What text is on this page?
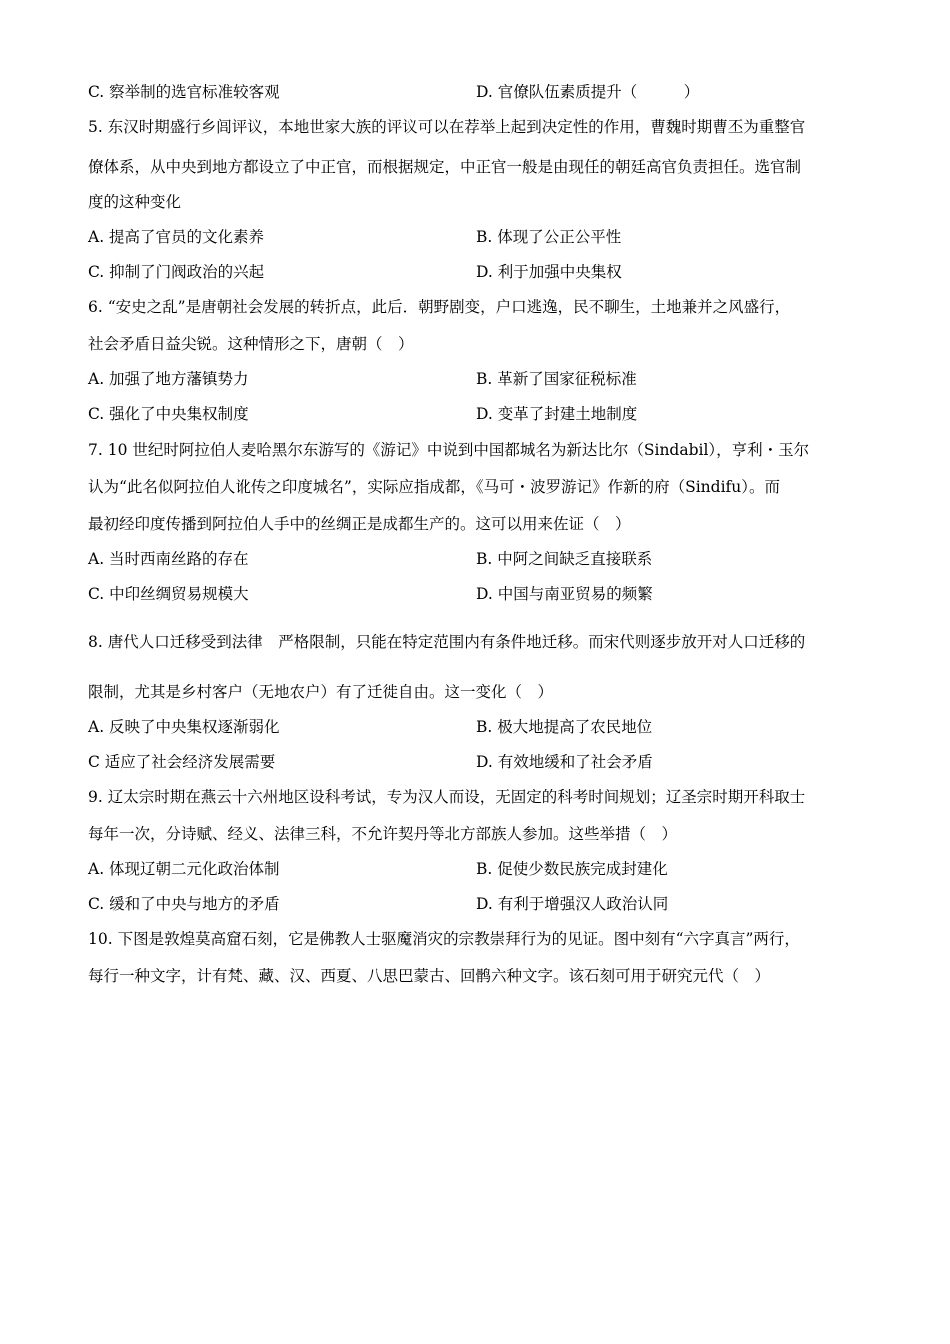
C. 察举制的选官标准较客观	D. 官僚队伍素质提升（　　　）
5. 东汉时期盛行乡闾评议，本地世家大族的评议可以在荐举上起到决定性的作用，曹魏时期曹丕为重整官
僚体系，从中央到地方都设立了中正官，而根据规定，中正官一般是由现任的朝廷高官负责担任。选官制
度的这种变化
A. 提高了官员的文化素养	B. 体现了公正公平性
C. 抑制了门阀政治的兴起	D. 利于加强中央集权
6. “安史之乱”是唐朝社会发展的转折点，此后．朝野剧变，户口逃逸，民不聊生，土地兼并之风盛行，
社会矛盾日益尖锐。这种情形之下，唐朝（　）
A. 加强了地方藩镇势力	B. 革新了国家征税标准
C. 强化了中央集权制度	D. 变革了封建土地制度
7. 10 世纪时阿拉伯人麦哈黑尔东游写的《游记》中说到中国都城名为新达比尔（Sindabil），亨利・玉尔
认为“此名似阿拉伯人讹传之印度城名”，实际应指成都，《马可・波罗游记》作新的府（Sindifu）。而
最初经印度传播到阿拉伯人手中的丝绸正是成都生产的。这可以用来佐证（　）
A. 当时西南丝路的存在	B. 中阿之间缺乏直接联系
C. 中印丝绸贸易规模大	D. 中国与南亚贸易的频繁
8. 唐代人口迁移受到法律　严格限制，只能在特定范围内有条件地迁移。而宋代则逐步放开对人口迁移的
限制，尤其是乡村客户（无地农户）有了迁徙自由。这一变化（　）
A. 反映了中央集权逐渐弱化	B. 极大地提高了农民地位
C 适应了社会经济发展需要	D. 有效地缓和了社会矛盾
9. 辽太宗时期在燕云十六州地区设科考试，专为汉人而设，无固定的科考时间规划；辽圣宗时期开科取士
每年一次，分诗赋、经义、法律三科，不允许契丹等北方部族人参加。这些举措（　）
A. 体现辽朝二元化政治体制	B. 促使少数民族完成封建化
C. 缓和了中央与地方的矛盾	D. 有利于增强汉人政治认同
10. 下图是敦煌莫高窟石刻，它是佛教人士驱魔消灾的宗教崇拜行为的见证。图中刻有“六字真言”两行，
每行一种文字，计有梵、藏、汉、西夏、八思巴蒙古、回鹘六种文字。该石刻可用于研究元代（　）
